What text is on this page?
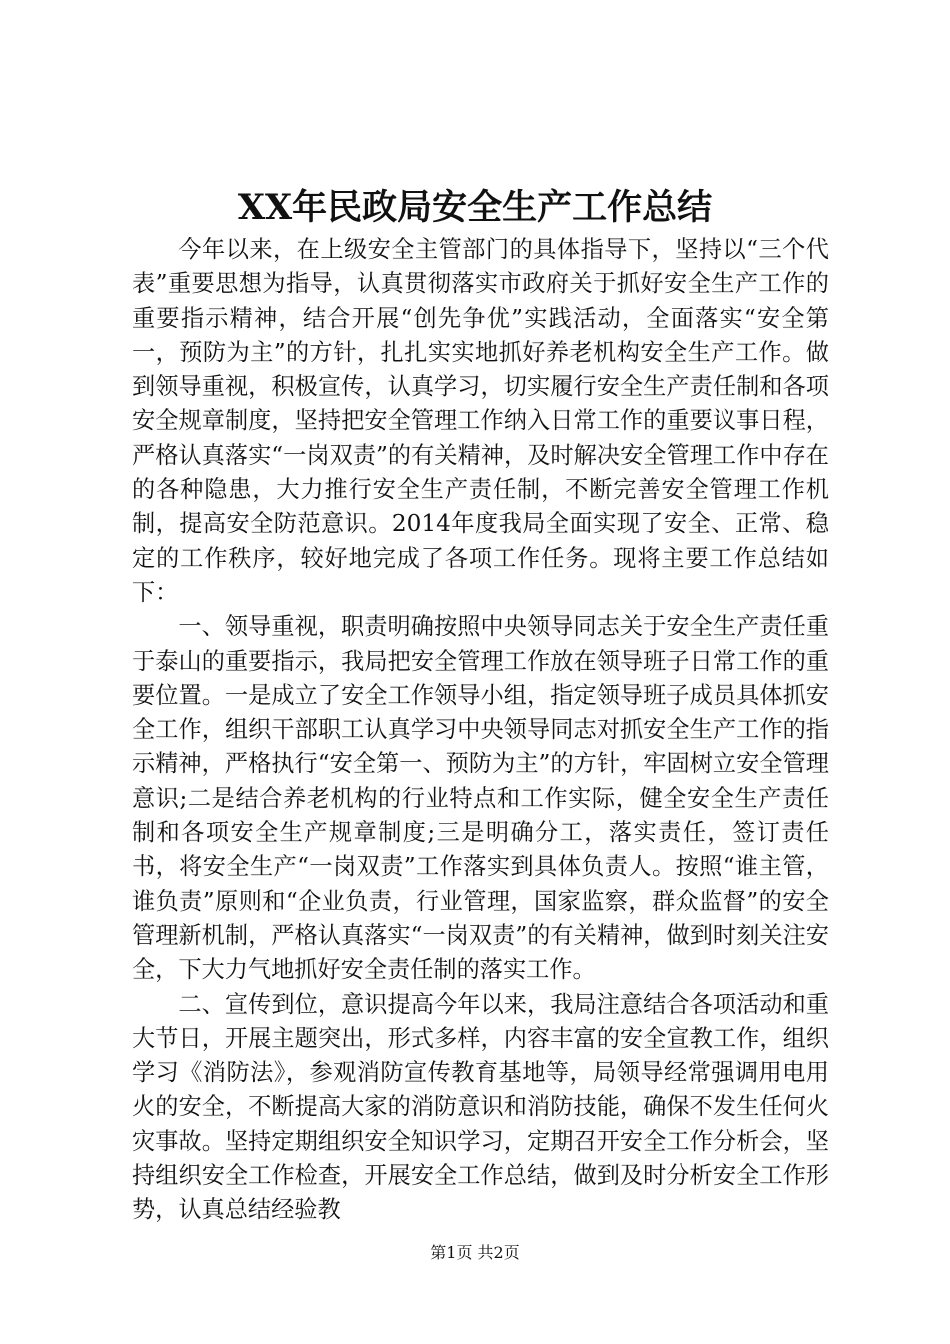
XX年民政局安全生产工作总结

今年以来，在上级安全主管部门的具体指导下，坚持以“三个代表”重要思想为指导，认真贯彻落实市政府关于抓好安全生产工作的重要指示精神，结合开展“创先争优”实践活动，全面落实“安全第一，预防为主”的方针，扎扎实实地抓好养老机构安全生产工作。做到领导重视，积极宣传，认真学习，切实履行安全生产责任制和各项安全规章制度，坚持把安全管理工作纳入日常工作的重要议事日程，严格认真落实“一岗双责”的有关精神，及时解决安全管理工作中存在的各种隐患，大力推行安全生产责任制，不断完善安全管理工作机制，提高安全防范意识。2014年度我局全面实现了安全、正常、稳定的工作秩序，较好地完成了各项工作任务。现将主要工作总结如下：

一、领导重视，职责明确按照中央领导同志关于安全生产责任重于泰山的重要指示，我局把安全管理工作放在领导班子日常工作的重要位置。一是成立了安全工作领导小组，指定领导班子成员具体抓安全工作，组织干部职工认真学习中央领导同志对抓安全生产工作的指示精神，严格执行“安全第一、预防为主”的方针，牢固树立安全管理意识;二是结合养老机构的行业特点和工作实际，健全安全生产责任制和各项安全生产规章制度;三是明确分工，落实责任，签订责任书，将安全生产“一岗双责”工作落实到具体负责人。按照“谁主管，谁负责”原则和“企业负责，行业管理，国家监察，群众监督”的安全管理新机制，严格认真落实“一岗双责”的有关精神，做到时刻关注安全，下大力气地抓好安全责任制的落实工作。

二、宣传到位，意识提高今年以来，我局注意结合各项活动和重大节日，开展主题突出，形式多样，内容丰富的安全宣教工作，组织学习《消防法》，参观消防宣传教育基地等，局领导经常强调用电用火的安全，不断提高大家的消防意识和消防技能，确保不发生任何火灾事故。坚持定期组织安全知识学习，定期召开安全工作分析会，坚持组织安全工作检查，开展安全工作总结，做到及时分析安全工作形势，认真总结经验教

第1页 共2页
